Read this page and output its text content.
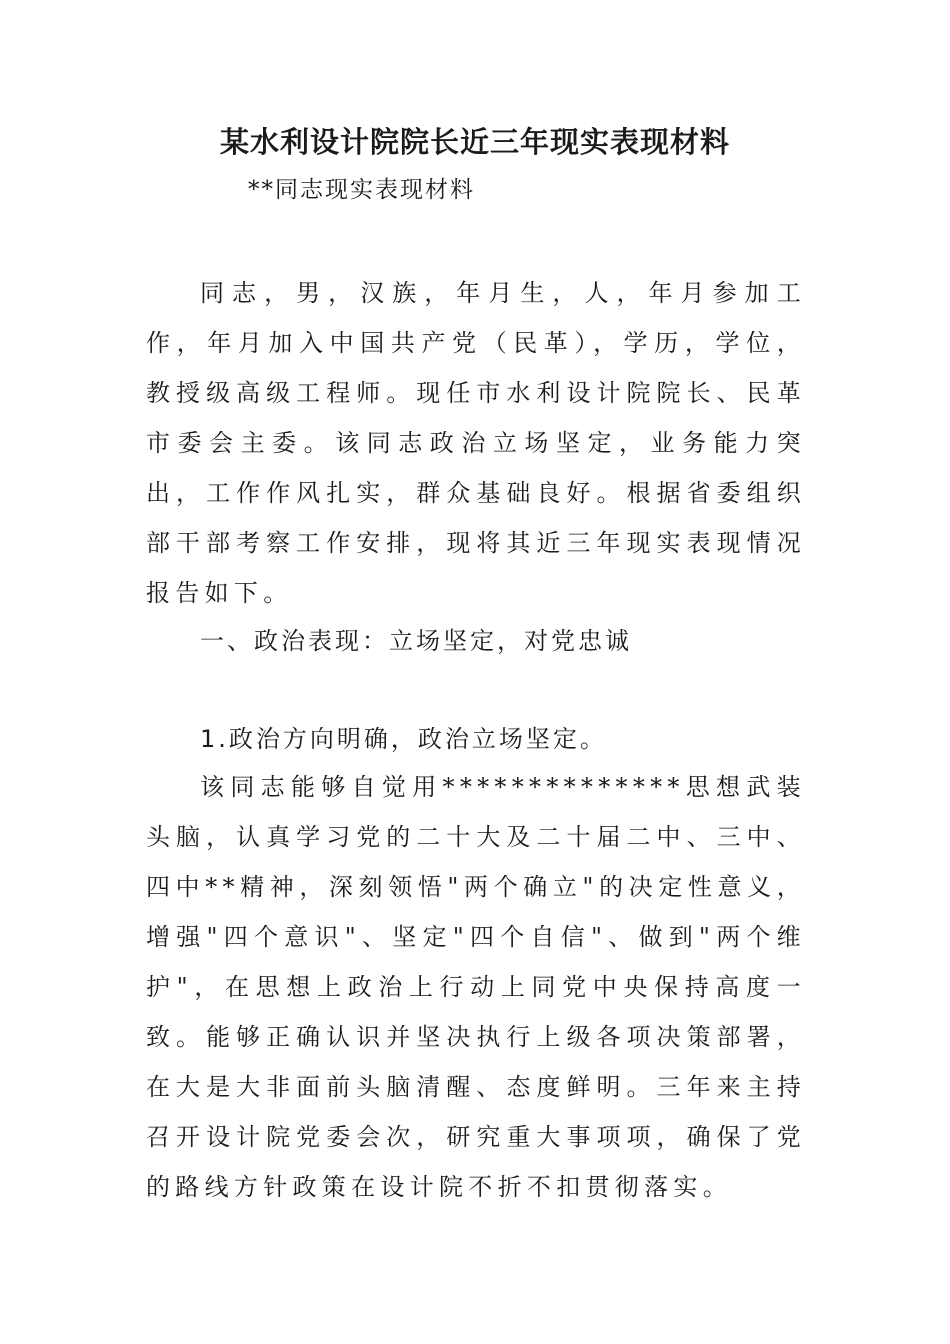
某水利设计院院长近三年现实表现材料
**同志现实表现材料

同志，男，汉族，年月生，人，年月参加工作，年月加入中国共产党（民革），学历，学位，教授级高级工程师。现任市水利设计院院长、民革市委会主委。该同志政治立场坚定，业务能力突出，工作作风扎实，群众基础良好。根据省委组织部干部考察工作安排，现将其近三年现实表现情况报告如下。

一、政治表现：立场坚定，对党忠诚

1.政治方向明确，政治立场坚定。

该同志能够自觉用**************思想武装头脑，认真学习党的二十大及二十届二中、三中、四中**精神，深刻领悟"两个确立"的决定性意义，增强"四个意识"、坚定"四个自信"、做到"两个维护"，在思想上政治上行动上同党中央保持高度一致。能够正确认识并坚决执行上级各项决策部署，在大是大非面前头脑清醒、态度鲜明。三年来主持召开设计院党委会次，研究重大事项项，确保了党的路线方针政策在设计院不折不扣贯彻落实。
